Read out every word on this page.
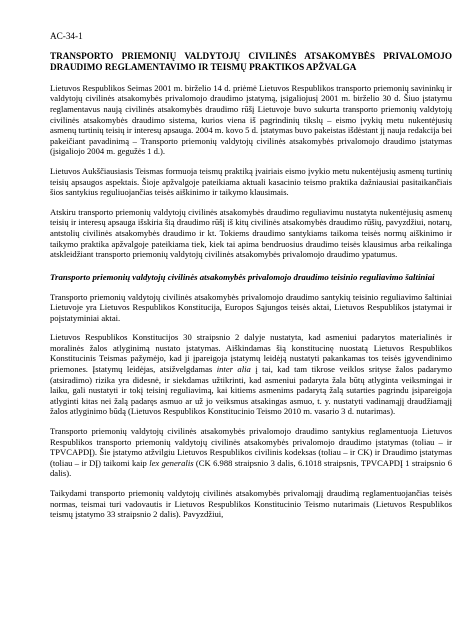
AC-34-1
TRANSPORTO PRIEMONIŲ VALDYTOJŲ CIVILINĖS ATSAKOMYBĖS PRIVALOMOJO DRAUDIMO REGLAMENTAVIMO IR TEISMŲ PRAKTIKOS APŽVALGA

Lietuvos Respublikos Seimas 2001 m. birželio 14 d. priėmė Lietuvos Respublikos transporto priemonių savininkų ir valdytojų civilinės atsakomybės privalomojo draudimo įstatymą, įsigaliojusį 2001 m. birželio 30 d. Šiuo įstatymu reglamentavus naują civilinės atsakomybės draudimo rūšį Lietuvoje buvo sukurta transporto priemonių valdytojų civilinės atsakomybės draudimo sistema, kurios viena iš pagrindinių tikslų – eismo įvykių metu nukentėjusių asmenų turtinių teisių ir interesų apsauga. 2004 m. kovo 5 d. įstatymas buvo pakeistas išdėstant jį nauja redakcija bei pakeičiant pavadinimą – Transporto priemonių valdytojų civilinės atsakomybės privalomojo draudimo įstatymas (įsigaliojo 2004 m. gegužės 1 d.).

Lietuvos Aukščiausiasis Teismas formuoja teismų praktiką įvairiais eismo įvykio metu nukentėjusių asmenų turtinių teisių apsaugos aspektais. Šioje apžvalgoje pateikiama aktuali kasacinio teismo praktika dažniausiai pasitaikančiais šios santykius reguliuojančias teisės aiškinimo ir taikymo klausimais.

Atskiru transporto priemonių valdytojų civilinės atsakomybės draudimo reguliavimu nustatyta nukentėjusių asmenų teisių ir interesų apsauga išskiria šią draudimo rūšį iš kitų civilinės atsakomybės draudimo rūšių, pavyzdžiui, notarų, antstolių civilinės atsakomybės draudimo ir kt. Tokiems draudimo santykiams taikoma teisės normų aiškinimo ir taikymo praktika apžvalgoje pateikiama tiek, kiek tai apima bendruosius draudimo teisės klausimus arba reikalinga atskleidžiant transporto priemonių valdytojų civilinės atsakomybės privalomojo draudimo ypatumus.

Transporto priemonių valdytojų civilinės atsakomybės privalomojo draudimo teisinio reguliavimo šaltiniai

Transporto priemonių valdytojų civilinės atsakomybės privalomojo draudimo santykių teisinio reguliavimo šaltiniai Lietuvoje yra Lietuvos Respublikos Konstitucija, Europos Sąjungos teisės aktai, Lietuvos Respublikos įstatymai ir poįstatyminiai aktai.

Lietuvos Respublikos Konstitucijos 30 straipsnio 2 dalyje nustatyta, kad asmeniui padarytos materialinės ir moralinės žalos atlyginimą nustato įstatymas. Aiškindamas šią konstitucinę nuostatą Lietuvos Respublikos Konstitucinis Teismas pažymėjo, kad ji įpareigoja įstatymų leidėją nustatyti pakankamas tos teisės įgyvendinimo priemones. Įstatymų leidėjas, atsižvelgdamas inter alia į tai, kad tam tikrose veiklos srityse žalos padarymo (atsiradimo) rizika yra didesnė, ir siekdamas užtikrinti, kad asmeniui padaryta žala būtų atlyginta veiksmingai ir laiku, gali nustatyti ir tokį teisinį reguliavimą, kai kitiems asmenims padarytą žalą sutarties pagrindu įsipareigoja atlyginti kitas nei žalą padaręs asmuo ar už jo veiksmus atsakingas asmuo, t. y. nustatyti vadinamąjį draudžiamąjį žalos atlyginimo būdą (Lietuvos Respublikos Konstitucinio Teismo 2010 m. vasario 3 d. nutarimas).

Transporto priemonių valdytojų civilinės atsakomybės privalomojo draudimo santykius reglamentuoja Lietuvos Respublikos transporto priemonių valdytojų civilinės atsakomybės privalomojo draudimo įstatymas (toliau – ir TPVCAPDĮ). Šie įstatymo atžvilgiu Lietuvos Respublikos civilinis kodeksas (toliau – ir CK) ir Draudimo įstatymas (toliau – ir DĮ) taikomi kaip lex generalis (CK 6.988 straipsnio 3 dalis, 6.1018 straipsnis, TPVCAPDĮ 1 straipsnio 6 dalis).

Taikydami transporto priemonių valdytojų civilinės atsakomybės privalomąjį draudimą reglamentuojančias teisės normas, teismai turi vadovautis ir Lietuvos Respublikos Konstitucinio Teismo nutarimais (Lietuvos Respublikos teismų įstatymo 33 straipsnio 2 dalis). Pavyzdžiui,
